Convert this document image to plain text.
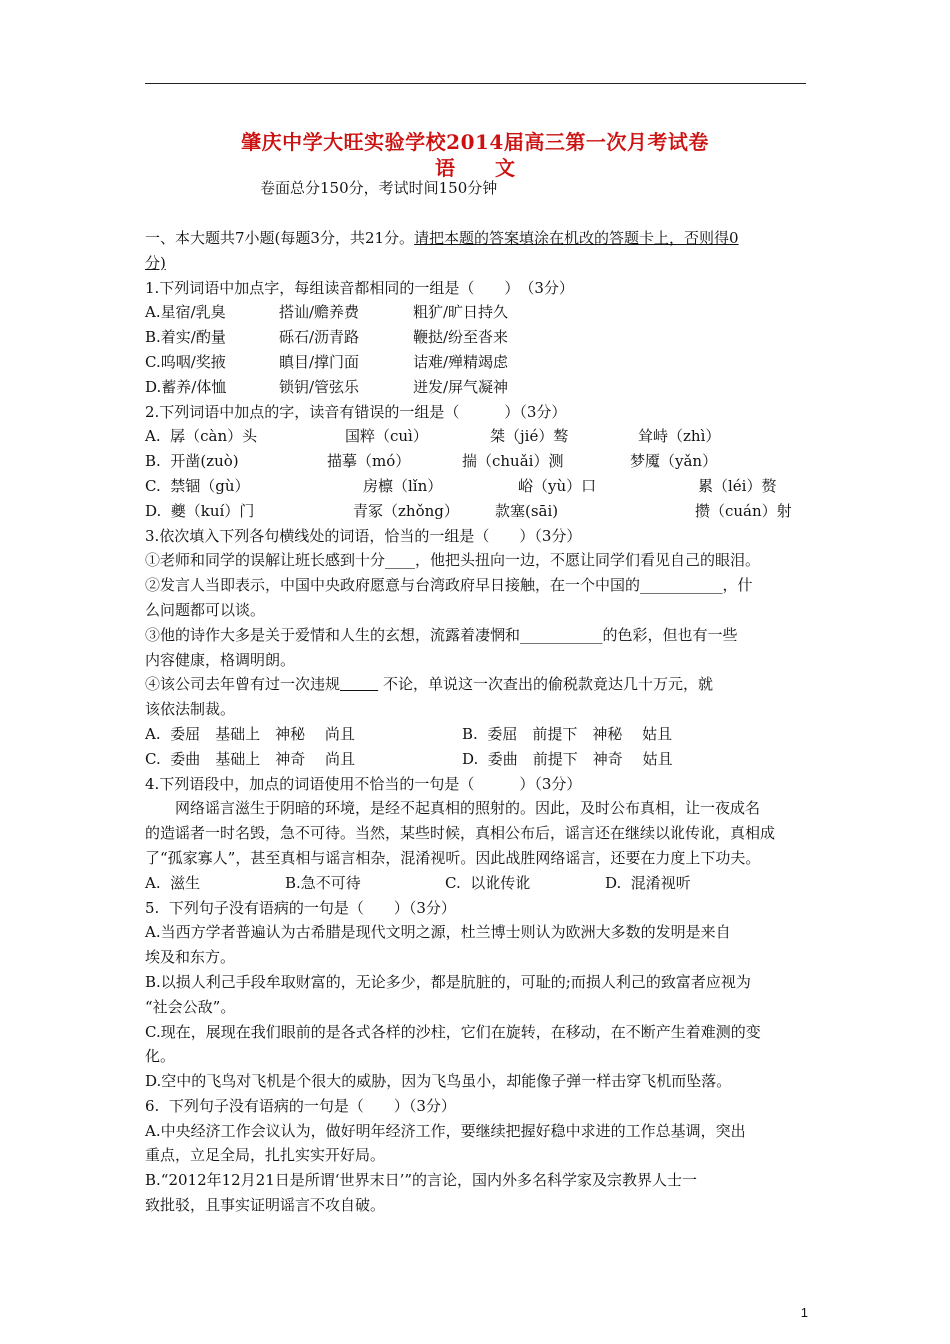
肇庆中学大旺实验学校2014届高三第一次月考试卷
语　　文
卷面总分150分，考试时间150分钟
一、本大题共7小题(每题3分，共21分。请把本题的答案填涂在机改的答题卡上，否则得0
分)
1.下列词语中加点字，每组读音都相同的一组是（　　）　（3分）
A.星宿/乳臭	搭讪/赡养费	粗犷/旷日持久
B.着实/酌量	砾石/沥青路	鞭挞/纷至沓来
C.呜咽/奖掖	瞋目/撑门面	诘难/殚精竭虑
D.蓄养/体恤	锁钥/管弦乐	迸发/屏气凝神
2.下列词语中加点的字，读音有错误的一组是（　　　）（3分）
A.  孱（càn）头	国粹（cuì）	桀（jié）骜	耸峙（zhì）
B.  开凿(zuò)	描摹（mó）	揣（chuǎi）测	梦魇（yǎn）
C.  禁锢（gù）	房檩（lǐn）	峪（yù）口	累（léi）赘
D.  夔（kuí）门	青冢（zhǒng）	款塞(sāi)	攒（cuán）射
3.依次填入下列各句横线处的词语，恰当的一组是（　　）（3分）
①老师和同学的误解让班长感到十分____，他把头扭向一边，不愿让同学们看见自己的眼泪。
②发言人当即表示，中国中央政府愿意与台湾政府早日接触，在一个中国的___________，什
么问题都可以谈。
③他的诗作大多是关于爱情和人生的玄想，流露着凄惘和___________的色彩，但也有一些
内容健康，格调明朗。
④该公司去年曾有过一次违规	不论，单说这一次查出的偷税款竟达几十万元，就
该依法制裁。
A.  委屈　基础上　神秘　 尚且	B.  委屈　前提下　神秘　 姑且
C.  委曲　基础上　神奇　 尚且	D.  委曲　前提下　神奇　 姑且
4.下列语段中，加点的词语使用不恰当的一句是（　　　）（3分）
网络谣言滋生于阴暗的环境，是经不起真相的照射的。因此，及时公布真相，让一夜成名
的造谣者一时名毁，急不可待。当然，某些时候，真相公布后，谣言还在继续以讹传讹，真相成
了“孤家寡人”，甚至真相与谣言相杂，混淆视听。因此战胜网络谣言，还要在力度上下功夫。
A.  滋生	B.急不可待	C.  以讹传讹	D.  混淆视听
5.  下列句子没有语病的一句是（　　）（3分）
A.当西方学者普遍认为古希腊是现代文明之源，杜兰博士则认为欧洲大多数的发明是来自
埃及和东方。
B.以损人利己手段牟取财富的，无论多少，都是肮脏的，可耻的;而损人利己的致富者应视为
“社会公敌”。
C.现在，展现在我们眼前的是各式各样的沙柱，它们在旋转，在移动，在不断产生着难测的变
化。
D.空中的飞鸟对飞机是个很大的威胁，因为飞鸟虽小，却能像子弹一样击穿飞机而坠落。
6.  下列句子没有语病的一句是（　　）（3分）
A.中央经济工作会议认为，做好明年经济工作，要继续把握好稳中求进的工作总基调，突出
重点，立足全局，扎扎实实开好局。
B.“2012年12月21日是所谓‘世界末日’”的言论，国内外多名科学家及宗教界人士一
致批驳，且事实证明谣言不攻自破。
1
